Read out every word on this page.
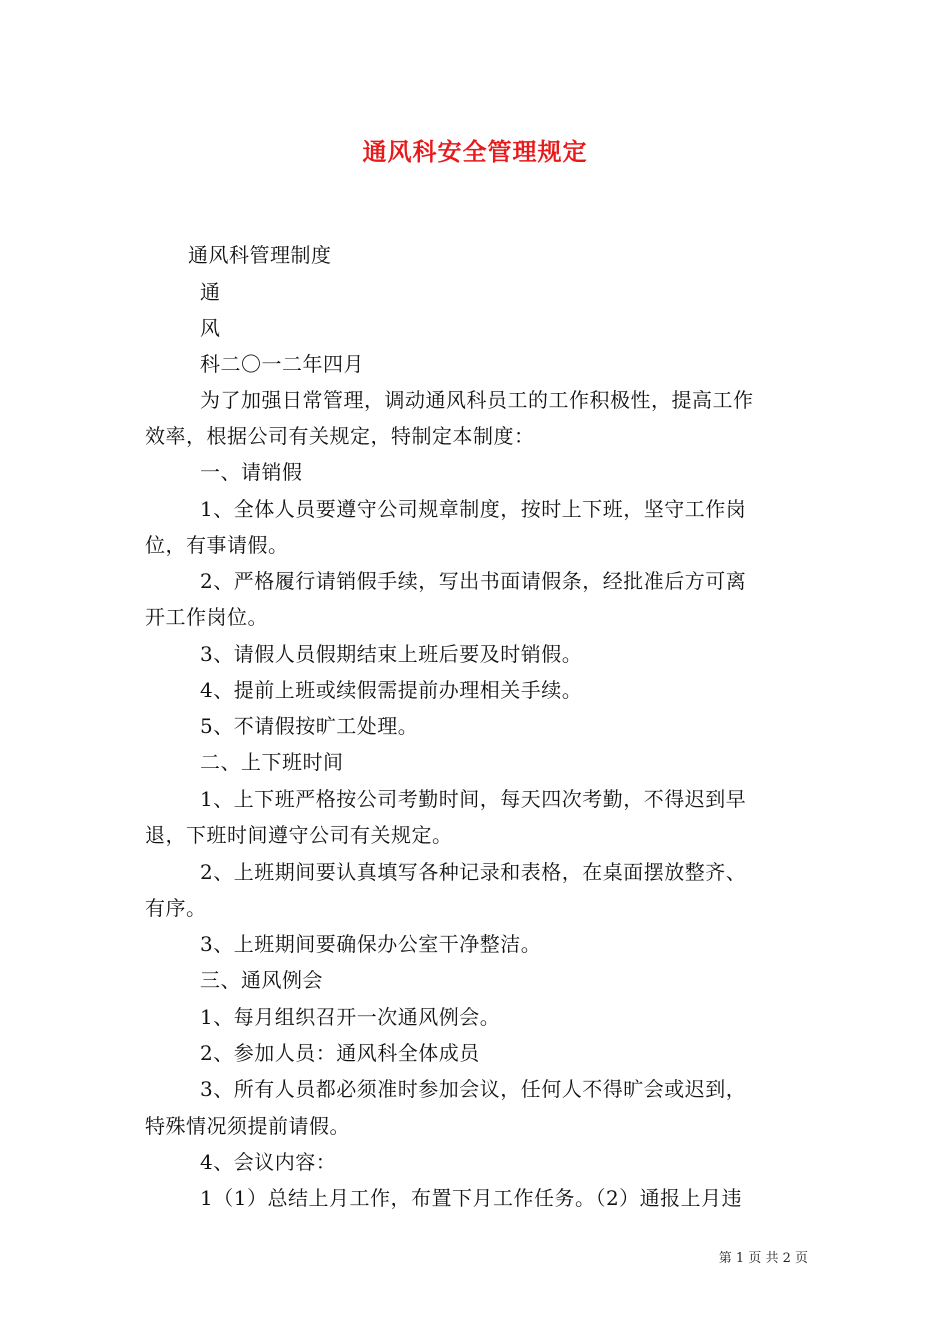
通风科安全管理规定
通风科管理制度
通
风
科二〇一二年四月
为了加强日常管理，调动通风科员工的工作积极性，提高工作
效率，根据公司有关规定，特制定本制度：
一、请销假
1、全体人员要遵守公司规章制度，按时上下班，坚守工作岗
位，有事请假。
2、严格履行请销假手续，写出书面请假条，经批准后方可离
开工作岗位。
3、请假人员假期结束上班后要及时销假。
4、提前上班或续假需提前办理相关手续。
5、不请假按旷工处理。
二、上下班时间
1、上下班严格按公司考勤时间，每天四次考勤，不得迟到早
退，下班时间遵守公司有关规定。
2、上班期间要认真填写各种记录和表格，在桌面摆放整齐、
有序。
3、上班期间要确保办公室干净整洁。
三、通风例会
1、每月组织召开一次通风例会。
2、参加人员：通风科全体成员
3、所有人员都必须准时参加会议，任何人不得旷会或迟到，
特殊情况须提前请假。
4、会议内容：
1（1）总结上月工作，布置下月工作任务。（2）通报上月违
第 1 页 共 2 页
